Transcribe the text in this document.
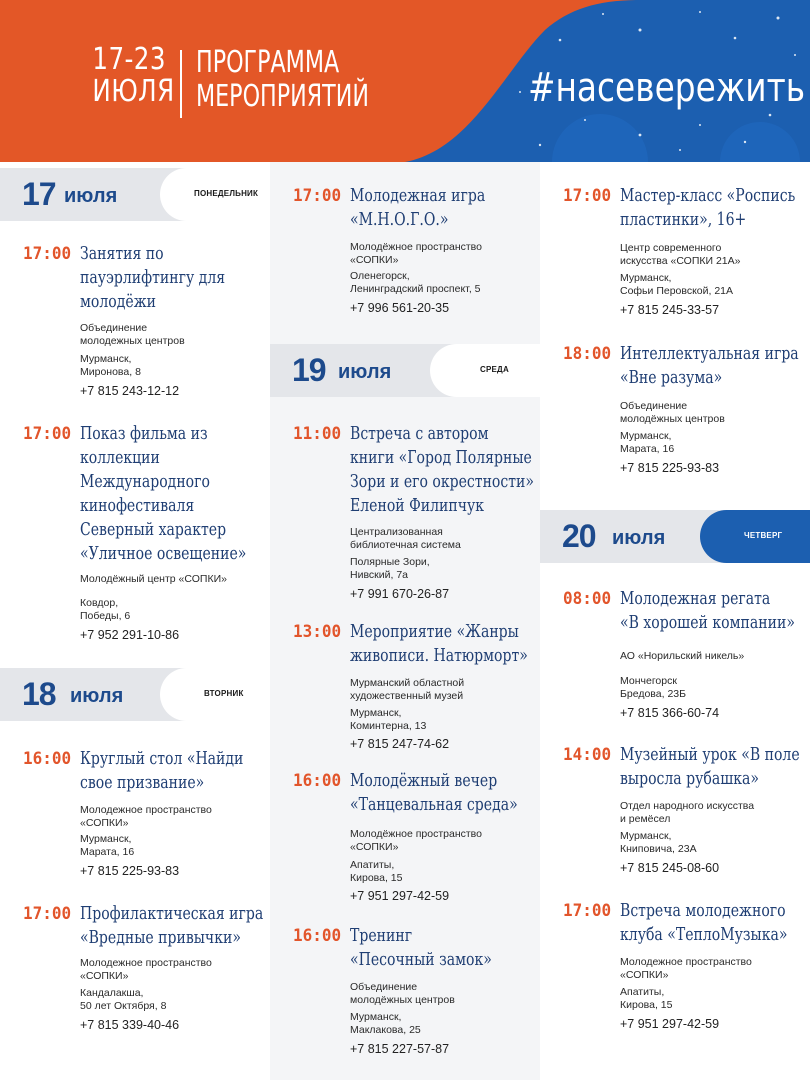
17-23
ИЮЛЯ
ПРОГРАММА
МЕРОПРИЯТИЙ	#насевережить
17 июля	ПОНЕДЕЛЬНИК
17:00 Занятия по
пауэрлифтингу для
молодёжи
Объединение
молодежных центров
Мурманск,
Миронова, 8
+7 815 243-12-12
17:00 Показ фильма из
коллекции
Международного
кинофестиваля
Северный характер
«Уличное освещение»
Молодёжный центр «СОПКИ»
Ковдор,
Победы, 6
+7 952 291-10-86
18 июля	ВТОРНИК
16:00 Круглый стол «Найди
свое призвание»
Молодежное пространство
«СОПКИ»
Мурманск,
Марата, 16
+7 815 225-93-83
17:00 Профилактическая игра
«Вредные привычки»
Молодежное пространство
«СОПКИ»
Кандалакша,
50 лет Октября, 8
+7 815 339-40-46
17:00 Молодежная игра
«М.Н.О.Г.О.»
Молодёжное пространство
«СОПКИ»
Оленегорск,
Ленинградский проспект, 5
+7 996 561-20-35
19 июля	СРЕДА
11:00 Встреча с автором
книги «Город Полярные
Зори и его окрестности»
Еленой Филипчук
Централизованная
библиотечная система
Полярные Зори,
Нивский, 7а
+7 991 670-26-87
13:00 Мероприятие «Жанры
живописи. Натюрморт»
Мурманский областной
художественный музей
Мурманск,
Коминтерна, 13
+7 815 247-74-62
16:00 Молодёжный вечер
«Танцевальная среда»
Молодёжное пространство
«СОПКИ»
Апатиты,
Кирова, 15
+7 951 297-42-59
16:00 Тренинг
«Песочный замок»
Объединение
молодёжных центров
Мурманск,
Маклакова, 25
+7 815 227-57-87
17:00 Мастер-класс «Роспись
пластинки», 16+
Центр современного
искусства «СОПКИ 21А»
Мурманск,
Софьи Перовской, 21А
+7 815 245-33-57
18:00 Интеллектуальная игра
«Вне разума»
Объединение
молодёжных центров
Мурманск,
Марата, 16
+7 815 225-93-83
20 июля	ЧЕТВЕРГ
08:00 Молодежная регата
«В хорошей компании»
АО «Норильский никель»
Мончегорск
Бредова, 23Б
+7 815 366-60-74
14:00 Музейный урок «В поле
выросла рубашка»
Отдел народного искусства
и ремёсел
Мурманск,
Книповича, 23А
+7 815 245-08-60
17:00 Встреча молодежного
клуба «ТеплоМузыка»
Молодежное пространство
«СОПКИ»
Апатиты,
Кирова, 15
+7 951 297-42-59
